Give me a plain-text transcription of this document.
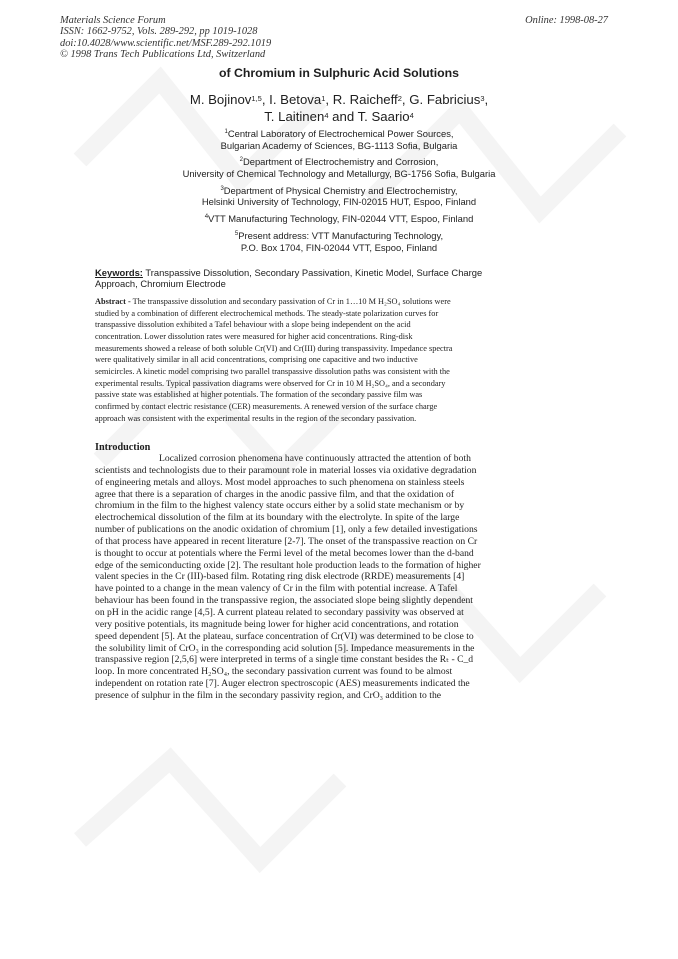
Materials Science Forum
ISSN: 1662-9752, Vols. 289-292, pp 1019-1028
doi:10.4028/www.scientific.net/MSF.289-292.1019
© 1998 Trans Tech Publications Ltd, Switzerland
Online: 1998-08-27
of Chromium in Sulphuric Acid Solutions
M. Bojinov$^{1,5}$, I. Betova$^1$, R. Raicheff$^2$, G. Fabricius$^3$,
T. Laitinen$^4$ and T. Saario$^4$
$^1$Central Laboratory of Electrochemical Power Sources,
Bulgarian Academy of Sciences, BG-1113 Sofia, Bulgaria
$^2$Department of Electrochemistry and Corrosion,
University of Chemical Technology and Metallurgy, BG-1756 Sofia, Bulgaria
$^3$Department of Physical Chemistry and Electrochemistry,
Helsinki University of Technology, FIN-02015 HUT, Espoo, Finland
$^4$VTT Manufacturing Technology, FIN-02044 VTT, Espoo, Finland
$^5$Present address: VTT Manufacturing Technology,
P.O. Box 1704, FIN-02044 VTT, Espoo, Finland
Keywords: Transpassive Dissolution, Secondary Passivation, Kinetic Model, Surface Charge
Approach, Chromium Electrode
Abstract - The transpassive dissolution and secondary passivation of Cr in 1…10 M H₂SO₄ solutions were
studied by a combination of different electrochemical methods. The steady-state polarization curves for
transpassive dissolution exhibited a Tafel behaviour with a slope being independent on the acid
concentration. Lower dissolution rates were measured for higher acid concentrations. Ring-disk
measurements showed a release of both soluble Cr(VI) and Cr(III) during transpassivity. Impedance spectra
were qualitatively similar in all acid concentrations, comprising one capacitive and two inductive
semicircles. A kinetic model comprising two parallel transpassive dissolution paths was consistent with the
experimental results. Typical passivation diagrams were observed for Cr in 10 M H₂SO₄, and a secondary
passive state was established at higher potentials. The formation of the secondary passive film was
confirmed by contact electric resistance (CER) measurements. A renewed version of the surface charge
approach was consistent with the experimental results in the region of the secondary passivation.
Introduction
Localized corrosion phenomena have continuously attracted the attention of both
scientists and technologists due to their paramount role in material losses via oxidative degradation
of engineering metals and alloys. Most model approaches to such phenomena on stainless steels
agree that there is a separation of charges in the anodic passive film, and that the oxidation of
chromium in the film to the highest valency state occurs either by a solid state mechanism or by
electrochemical dissolution of the film at its boundary with the electrolyte. In spite of the large
number of publications on the anodic oxidation of chromium [1], only a few detailed investigations
of that process have appeared in recent literature [2-7]. The onset of the transpassive reaction on Cr
is thought to occur at potentials where the Fermi level of the metal becomes lower than the d-band
edge of the semiconducting oxide [2]. The resultant hole production leads to the formation of higher
valent species in the Cr (III)-based film. Rotating ring disk electrode (RRDE) measurements [4]
have pointed to a change in the mean valency of Cr in the film with potential increase. A Tafel
behaviour has been found in the transpassive region, the associated slope being slightly dependent
on pH in the acidic range [4,5]. A current plateau related to secondary passivity was observed at
very positive potentials, its magnitude being lower for higher acid concentrations, and rotation
speed dependent [5]. At the plateau, surface concentration of Cr(VI) was determined to be close to
the solubility limit of CrO₃ in the corresponding acid solution [5]. Impedance measurements in the
transpassive region [2,5,6] were interpreted in terms of a single time constant besides the Rₜ - C_d
loop. In more concentrated H₂SO₄, the secondary passivation current was found to be almost
independent on rotation rate [7]. Auger electron spectroscopic (AES) measurements indicated the
presence of sulphur in the film in the secondary passivity region, and CrO₃ addition to the
